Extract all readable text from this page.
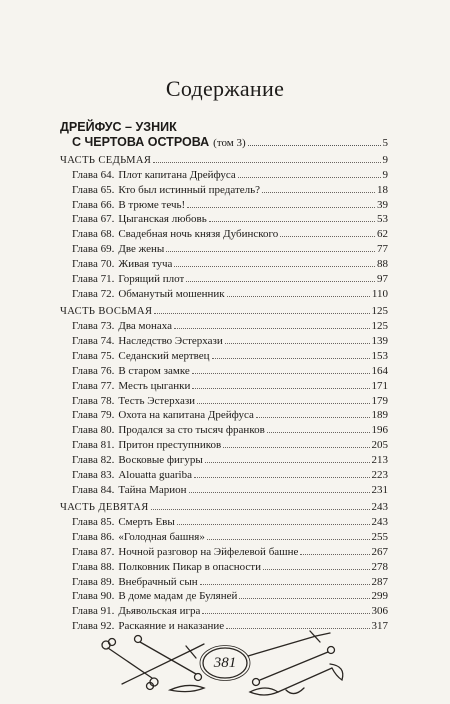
Содержание
ДРЕЙФУС – УЗНИК
С ЧЕРТОВА ОСТРОВА (том 3)	5
ЧАСТЬ СЕДЬМАЯ	9
Глава 64. Плот капитана Дрейфуса	9
Глава 65. Кто был истинный предатель?	18
Глава 66. В трюме течь!	39
Глава 67. Цыганская любовь	53
Глава 68. Свадебная ночь князя Дубинского	62
Глава 69. Две жены	77
Глава 70. Живая туча	88
Глава 71. Горящий плот	97
Глава 72. Обманутый мошенник	110
ЧАСТЬ ВОСЬМАЯ	125
Глава 73. Два монаха	125
Глава 74. Наследство Эстерхази	139
Глава 75. Седанский мертвец	153
Глава 76. В старом замке	164
Глава 77. Месть цыганки	171
Глава 78. Тесть Эстерхази	179
Глава 79. Охота на капитана Дрейфуса	189
Глава 80. Продался за сто тысяч франков	196
Глава 81. Притон преступников	205
Глава 82. Восковые фигуры	213
Глава 83. Alouatta guariba	223
Глава 84. Тайна Марион	231
ЧАСТЬ ДЕВЯТАЯ	243
Глава 85. Смерть Евы	243
Глава 86. «Голодная башня»	255
Глава 87. Ночной разговор на Эйфелевой башне	267
Глава 88. Полковник Пикар в опасности	278
Глава 89. Внебрачный сын	287
Глава 90. В доме мадам де Буляней	299
Глава 91. Дьявольская игра	306
Глава 92. Раскаяние и наказание	317
381
